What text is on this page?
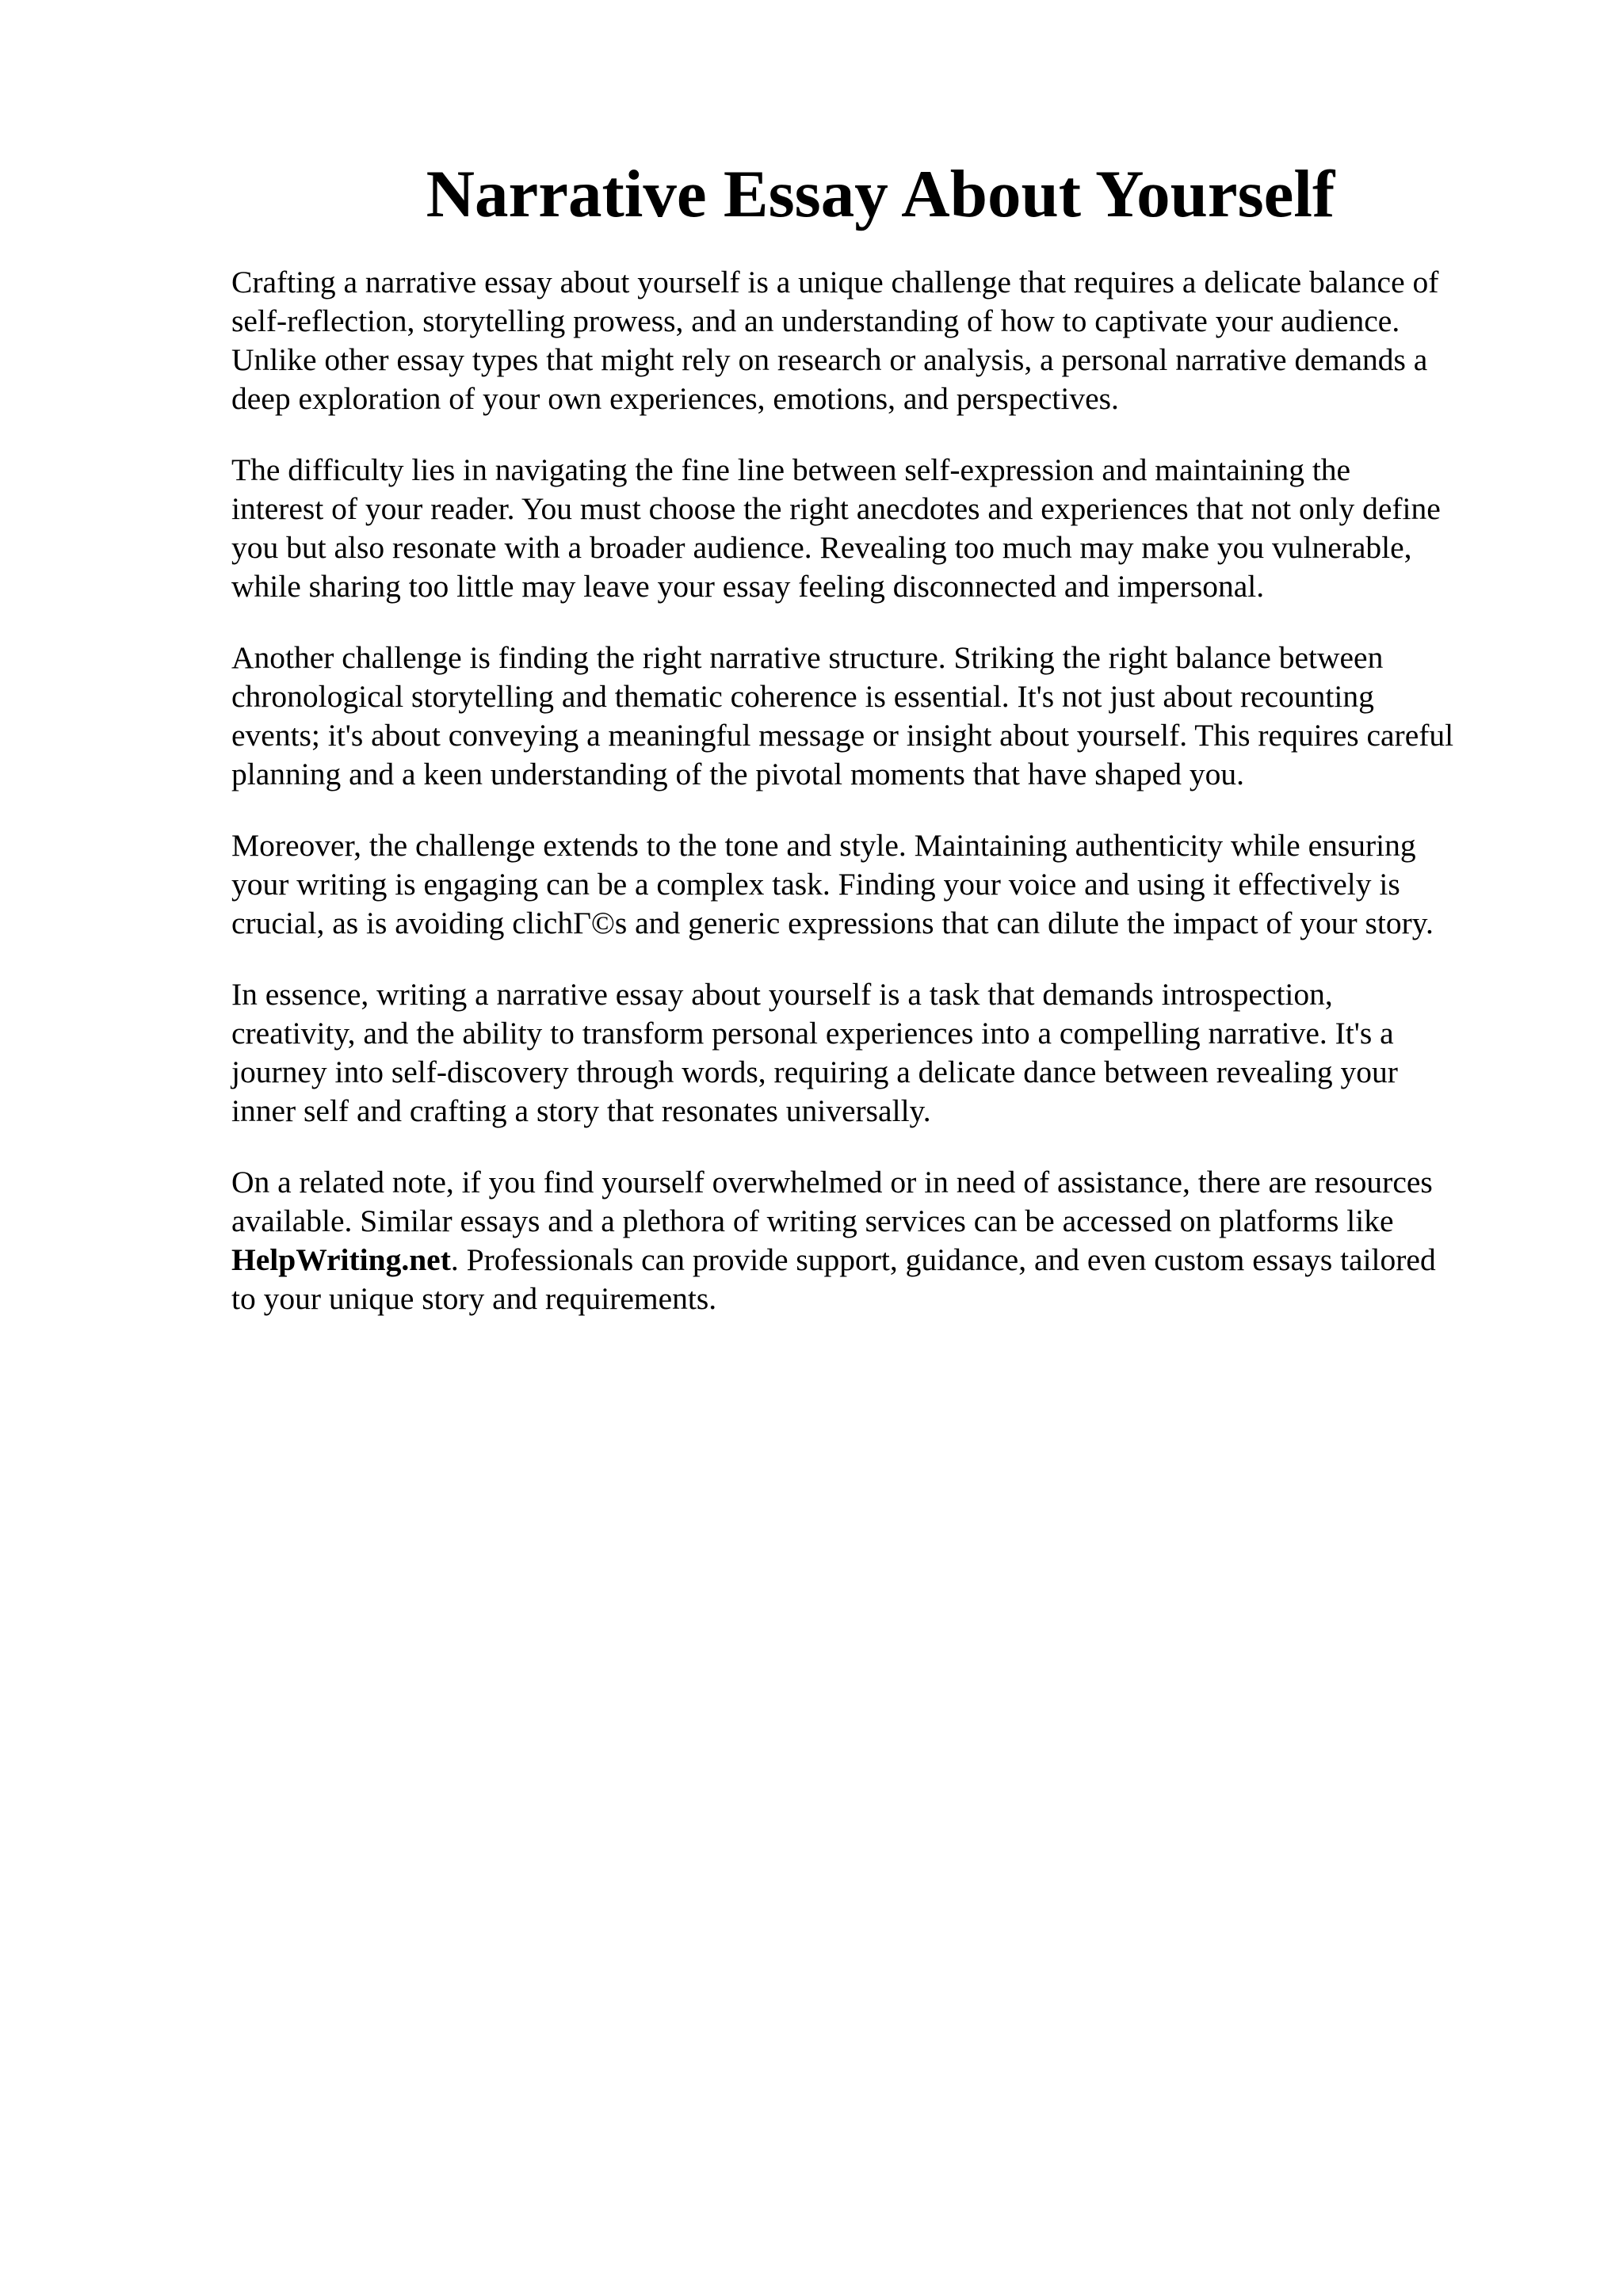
Narrative Essay About Yourself

Crafting a narrative essay about yourself is a unique challenge that requires a delicate balance of
self-reflection, storytelling prowess, and an understanding of how to captivate your audience.
Unlike other essay types that might rely on research or analysis, a personal narrative demands a
deep exploration of your own experiences, emotions, and perspectives.

The difficulty lies in navigating the fine line between self-expression and maintaining the
interest of your reader. You must choose the right anecdotes and experiences that not only define
you but also resonate with a broader audience. Revealing too much may make you vulnerable,
while sharing too little may leave your essay feeling disconnected and impersonal.

Another challenge is finding the right narrative structure. Striking the right balance between
chronological storytelling and thematic coherence is essential. It's not just about recounting
events; it's about conveying a meaningful message or insight about yourself. This requires careful
planning and a keen understanding of the pivotal moments that have shaped you.

Moreover, the challenge extends to the tone and style. Maintaining authenticity while ensuring
your writing is engaging can be a complex task. Finding your voice and using it effectively is
crucial, as is avoiding clichΓ©s and generic expressions that can dilute the impact of your story.

In essence, writing a narrative essay about yourself is a task that demands introspection,
creativity, and the ability to transform personal experiences into a compelling narrative. It's a
journey into self-discovery through words, requiring a delicate dance between revealing your
inner self and crafting a story that resonates universally.

On a related note, if you find yourself overwhelmed or in need of assistance, there are resources
available. Similar essays and a plethora of writing services can be accessed on platforms like
HelpWriting.net. Professionals can provide support, guidance, and even custom essays tailored
to your unique story and requirements.
